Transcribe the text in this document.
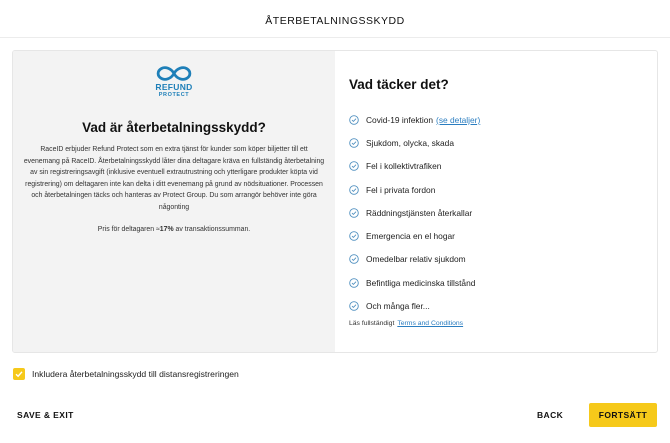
ÅTERBETALNINGSSKYDD
REFUND
PROTECT
Vad är återbetalningsskydd?
RaceID erbjuder Refund Protect som en extra tjänst för kunder som köper biljetter till ett evenemang på RaceID. Återbetalningsskydd låter dina deltagare kräva en fullständig återbetalning av sin registreringsavgift (inklusive eventuell extrautrustning och ytterligare produkter köpta vid registrering) om deltagaren inte kan delta i ditt evenemang på grund av nödsituationer. Processen och återbetalningen täcks och hanteras av Protect Group. Du som arrangör behöver inte göra någonting
Pris för deltagaren ≈17% av transaktionssumman.
Vad täcker det?
Covid-19 infektion (se detaljer)
Sjukdom, olycka, skada
Fel i kollektivtrafiken
Fel i privata fordon
Räddningstjänsten återkallar
Emergencia en el hogar
Omedelbar relativ sjukdom
Befintliga medicinska tillstånd
Och många fler...
Läs fullständigt Terms and Conditions
Inkludera återbetalningsskydd till distansregistreringen
SAVE & EXIT	BACK	FORTSÄTT
